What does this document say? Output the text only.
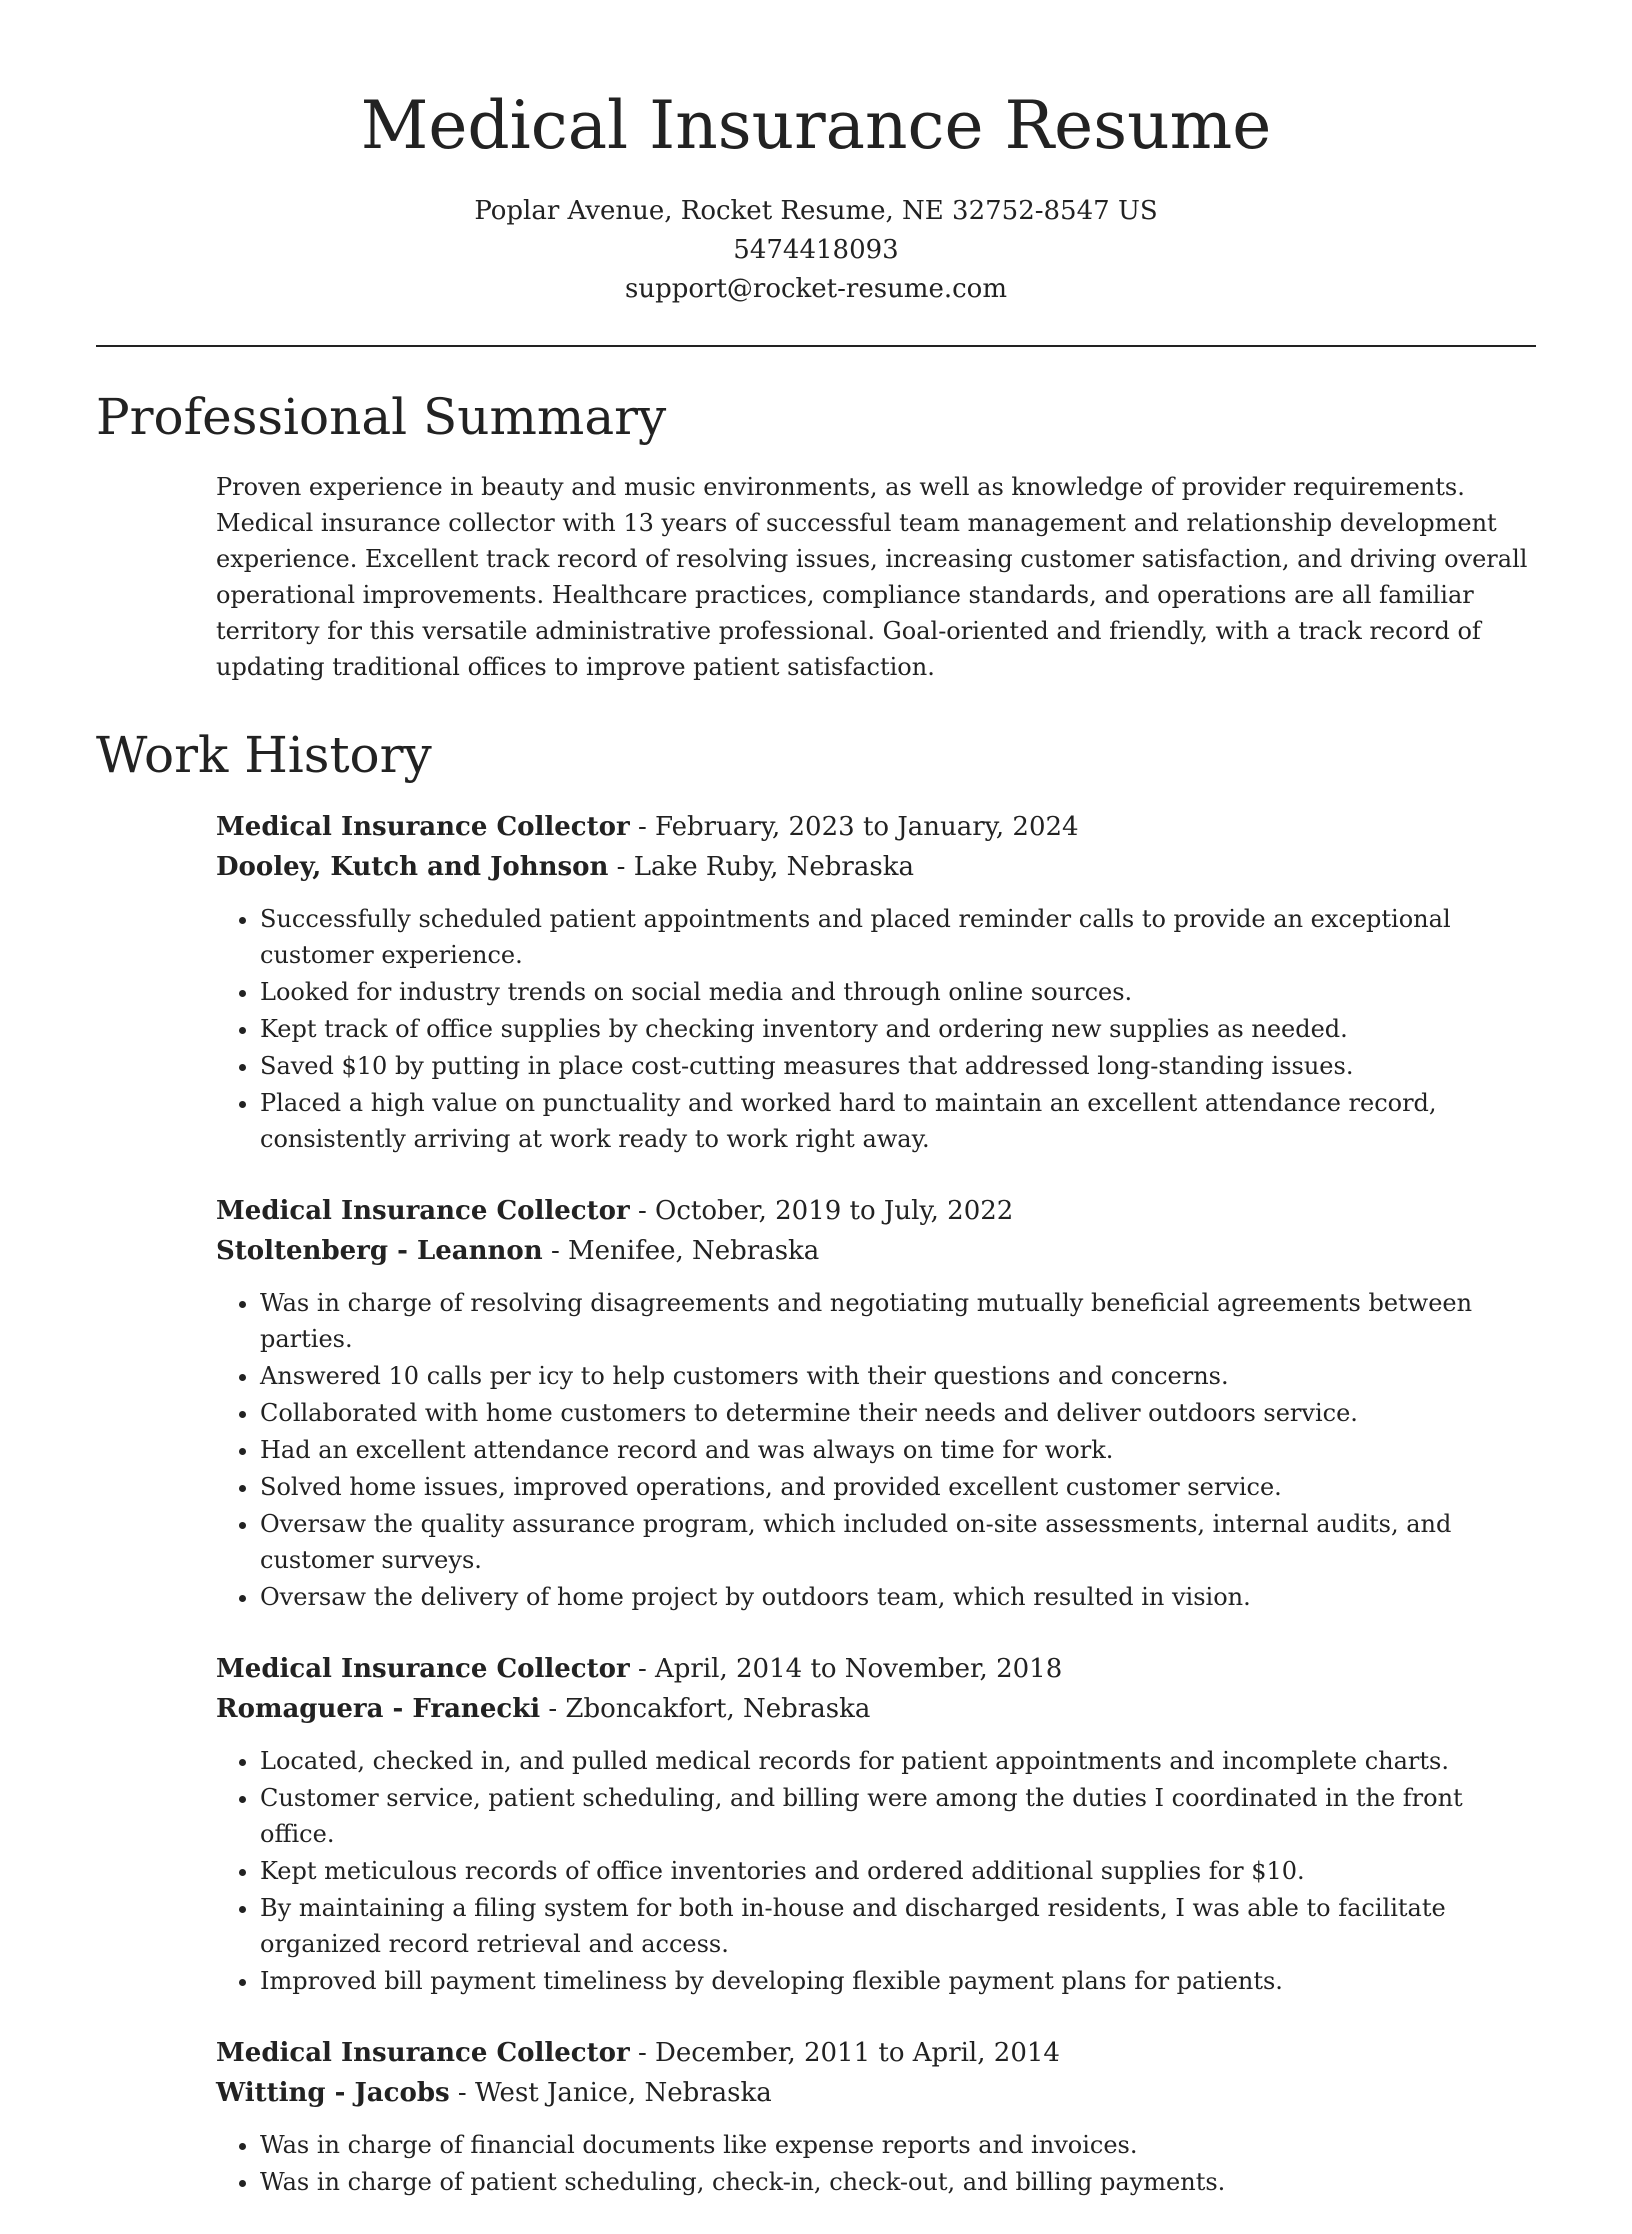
Medical Insurance Resume
Poplar Avenue, Rocket Resume, NE 32752-8547 US
5474418093
support@rocket-resume.com
Professional Summary

Proven experience in beauty and music environments, as well as knowledge of provider requirements. Medical insurance collector with 13 years of successful team management and relationship development experience. Excellent track record of resolving issues, increasing customer satisfaction, and driving overall operational improvements. Healthcare practices, compliance standards, and operations are all familiar territory for this versatile administrative professional. Goal-oriented and friendly, with a track record of updating traditional offices to improve patient satisfaction.

Work History
Medical Insurance Collector - February, 2023 to January, 2024
Dooley, Kutch and Johnson - Lake Ruby, Nebraska
• Successfully scheduled patient appointments and placed reminder calls to provide an exceptional customer experience.
• Looked for industry trends on social media and through online sources.
• Kept track of office supplies by checking inventory and ordering new supplies as needed.
• Saved $10 by putting in place cost-cutting measures that addressed long-standing issues.
• Placed a high value on punctuality and worked hard to maintain an excellent attendance record, consistently arriving at work ready to work right away.
Medical Insurance Collector - October, 2019 to July, 2022
Stoltenberg - Leannon - Menifee, Nebraska
• Was in charge of resolving disagreements and negotiating mutually beneficial agreements between parties.
• Answered 10 calls per icy to help customers with their questions and concerns.
• Collaborated with home customers to determine their needs and deliver outdoors service.
• Had an excellent attendance record and was always on time for work.
• Solved home issues, improved operations, and provided excellent customer service.
• Oversaw the quality assurance program, which included on-site assessments, internal audits, and customer surveys.
• Oversaw the delivery of home project by outdoors team, which resulted in vision.
Medical Insurance Collector - April, 2014 to November, 2018
Romaguera - Franecki - Zboncakfort, Nebraska
• Located, checked in, and pulled medical records for patient appointments and incomplete charts.
• Customer service, patient scheduling, and billing were among the duties I coordinated in the front office.
• Kept meticulous records of office inventories and ordered additional supplies for $10.
• By maintaining a filing system for both in-house and discharged residents, I was able to facilitate organized record retrieval and access.
• Improved bill payment timeliness by developing flexible payment plans for patients.
Medical Insurance Collector - December, 2011 to April, 2014
Witting - Jacobs - West Janice, Nebraska
• Was in charge of financial documents like expense reports and invoices.
• Was in charge of patient scheduling, check-in, check-out, and billing payments.
